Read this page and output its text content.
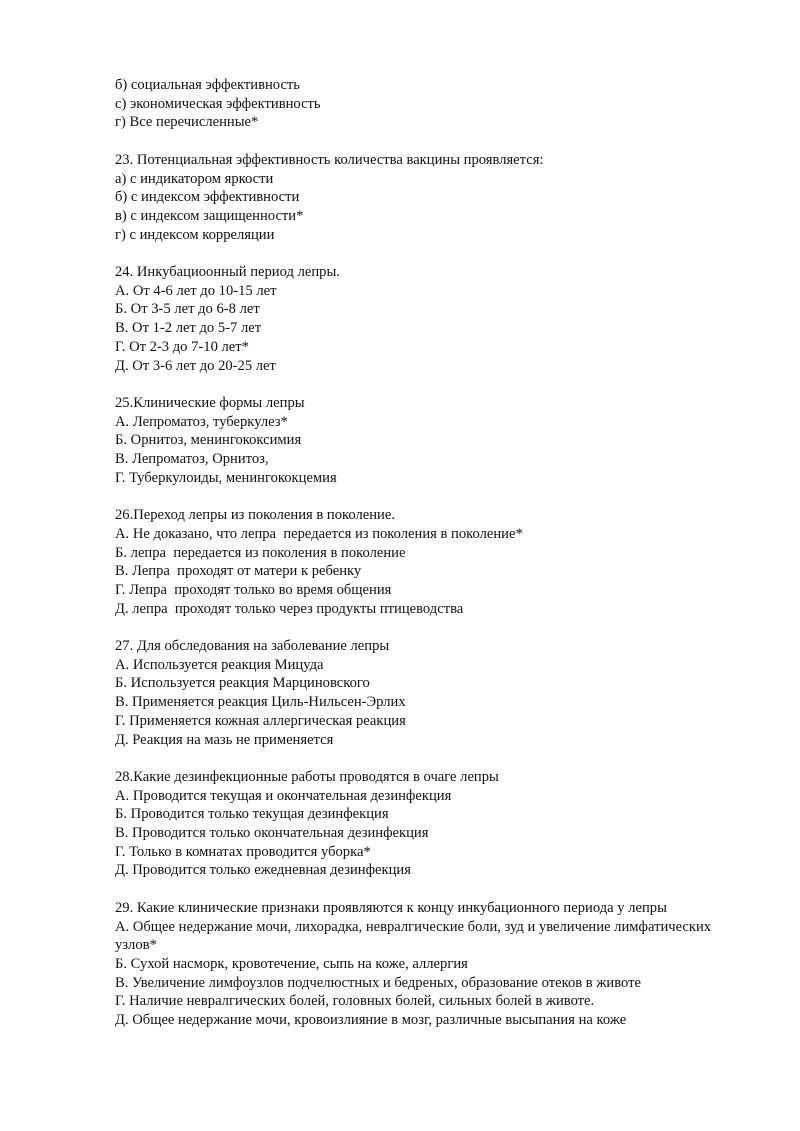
б) социальная эффективность

с) экономическая эффективность

г) Все перечисленные*

23. Потенциальная эффективность количества вакцины проявляется:

а) с индикатором яркости

б) с индексом эффективности

в) с индексом защищенности*

г) с индексом корреляции

24. Инкубациоонный период лепры.

А. От 4-6 лет до 10-15 лет

Б. От 3-5 лет до 6-8 лет

В. От 1-2 лет до 5-7 лет

Г. От 2-3 до 7-10 лет*

Д. От 3-6 лет до 20-25 лет

25.Клинические формы лепры

А. Лепроматоз, туберкулез*

Б. Орнитоз, менингококсимия

В. Лепроматоз, Орнитоз,

Г. Туберкулоиды, менингококцемия

26.Переход лепры из поколения в поколение.

А. Не доказано, что лепра  передается из поколения в поколение*

Б. лепра  передается из поколения в поколение

В. Лепра  проходят от матери к ребенку

Г. Лепра  проходят только во время общения

Д. лепра  проходят только через продукты птицеводства

27. Для обследования на заболевание лепры

А. Используется реакция Мицуда

Б. Используется реакция Марциновского

В. Применяется реакция Циль-Нильсен-Эрлих

Г. Применяется кожная аллергическая реакция

Д. Реакция на мазь не применяется

28.Какие дезинфекционные работы проводятся в очаге лепры

А. Проводится текущая и окончательная дезинфекция

Б. Проводится только текущая дезинфекция

В. Проводится только окончательная дезинфекция

Г. Только в комнатах проводится уборка*

Д. Проводится только ежедневная дезинфекция

29. Какие клинические признаки проявляются к концу инкубационного периода у лепры

А. Общее недержание мочи, лихорадка, невралгические боли, зуд и увеличение лимфатических узлов*

Б. Сухой насморк, кровотечение, сыпь на коже, аллергия

В. Увеличение лимфоузлов подчелюстных и бедреных, образование отеков в животе

Г. Наличие невралгических болей, головных болей, сильных болей в животе.

Д. Общее недержание мочи, кровоизлияние в мозг, различные высыпания на коже
